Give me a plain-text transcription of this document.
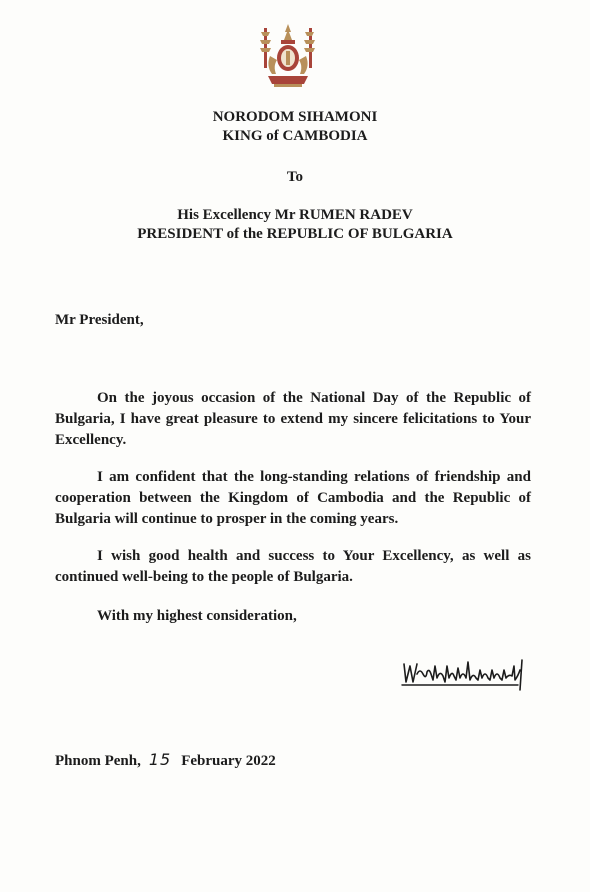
NORODOM SIHAMONI
KING of CAMBODIA
To
His Excellency Mr RUMEN RADEV
PRESIDENT of the REPUBLIC OF BULGARIA
Mr President,
On the joyous occasion of the National Day of the Republic of Bulgaria, I have great pleasure to extend my sincere felicitations to Your Excellency.
I am confident that the long-standing relations of friendship and cooperation between the Kingdom of Cambodia and the Republic of Bulgaria will continue to prosper in the coming years.
I wish good health and success to Your Excellency, as well as continued well-being to the people of Bulgaria.
With my highest consideration,
Phnom Penh, 15 February 2022
